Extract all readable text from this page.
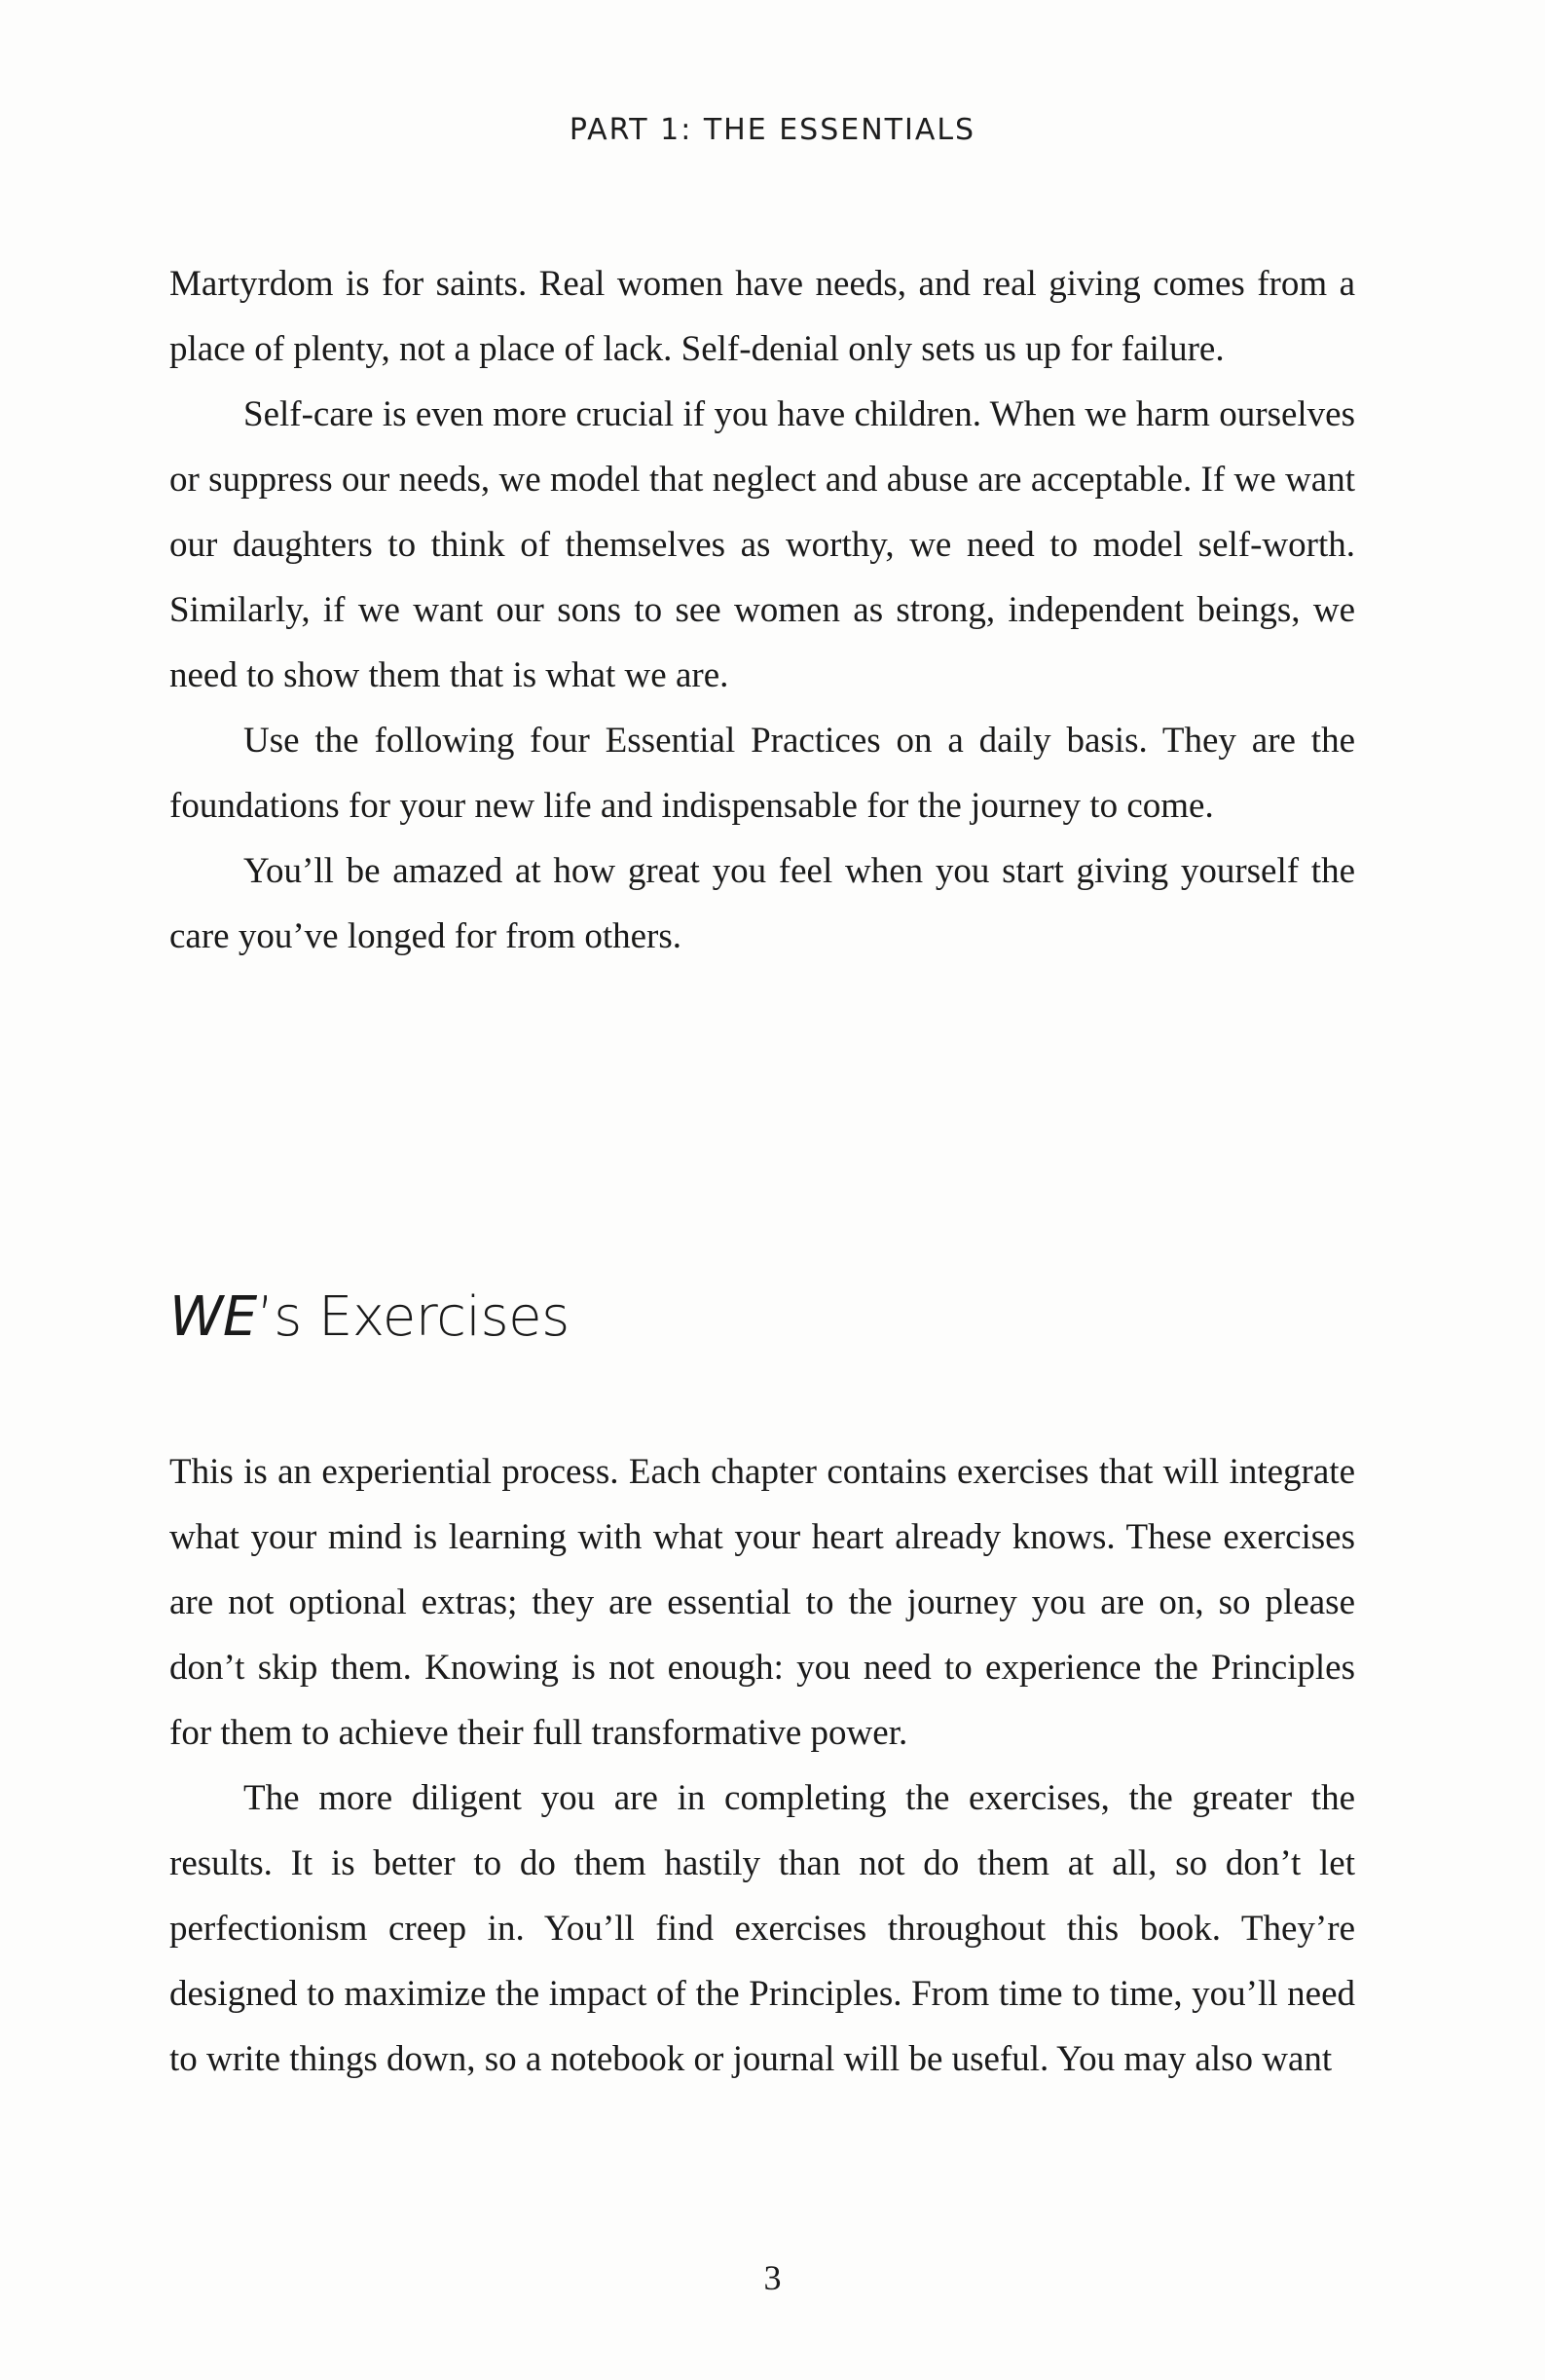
PART 1: THE ESSENTIALS

Martyrdom is for saints. Real women have needs, and real giving comes from a place of plenty, not a place of lack. Self-denial only sets us up for failure.

Self-care is even more crucial if you have children. When we harm ourselves or suppress our needs, we model that neglect and abuse are acceptable. If we want our daughters to think of themselves as worthy, we need to model self-worth. Similarly, if we want our sons to see women as strong, independent beings, we need to show them that is what we are.

Use the following four Essential Practices on a daily basis. They are the foundations for your new life and indispensable for the journey to come.

You’ll be amazed at how great you feel when you start giving yourself the care you’ve longed for from others.

WE’s Exercises

This is an experiential process. Each chapter contains exercises that will integrate what your mind is learning with what your heart already knows. These exercises are not optional extras; they are essential to the journey you are on, so please don’t skip them. Knowing is not enough: you need to experience the Principles for them to achieve their full transformative power.

The more diligent you are in completing the exercises, the greater the results. It is better to do them hastily than not do them at all, so don’t let perfectionism creep in. You’ll find exercises throughout this book. They’re designed to maximize the impact of the Principles. From time to time, you’ll need to write things down, so a notebook or journal will be useful. You may also want

3
